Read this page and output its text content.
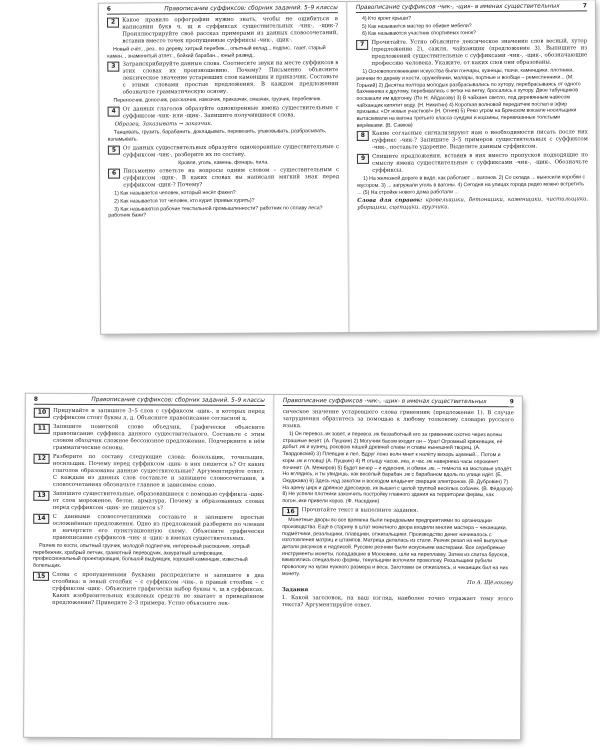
6	Правописание суффиксов: сборник заданий. 5–9 классы
2	Какое правило орфографии нужно знать, чтобы не ошибиться в написании букв ч, щ в суффиксах существительных -чик-, -щик-? Проиллюстрируйте своё рассказ примерами из данных словосочетаний, вставив вместо точек пропущенные суффиксы -чик-, -щик-.
Новый счёт.., рез.. по дереву, хитрый перебеж.., опытный вклад.., подпис.. газет, старый камен.., знаменитый атлет.., бойкий барабан.., юный развед..
3	Затранскрибируйте данные слова. Соотнесите звуки на месте суффиксов в этих словах их произношению. Почему? Письменно объясните лексическое значение устаревших слов каменщик и приказчик. Составьте с этими словами простые предложения. В каждом предложении обозначьте грамматическую основу.
Переносчик, доносчик, рассказчик, извозчик, приказчик, смазчик, грузчик, перебежчик.
4	От данных глаголов образуйте однокоренные имена существительные с суффиксом -чик- или -щик-. Запишите получившиеся слова.
Образец. Заказывать → заказчик.
Танцевать, грузить, барабанить, докладывать, перевозить, упаковывать, разбрасывать, взламывать.
5	От данных существительных образуйте однокоренные существительные с суффиксом -чик-, разберите их по составу.
Кровля, уголь, камень, фонарь, пила.
6	Письменно ответьте на вопросы одним словом – существительным с суффиксом -щик-. В каких словах вы написали мягкий знак перед суффиксом -щик-? Почему?
1) Как называется человек, который несёт факел?
2) Как называется тот человек, кто курит (привык курить)?
3) Как называются рабочие текстильной промышленности? работник по сплаву леса? работник бани?
Правописание суффиксов -чик-, -щик- в именах существительных	7
4) Кто кроет крыши?
5) Как называется мастер по обивке мебели?
6) Как называются участник спортивных гонок?
7	Прочитайте. Устно объясните лексическое значение слов весный, хутор (предложение 2), сажля, чайханщик (предложение 3). Выпишите из предложений существительные с суффиксами -чик-, -щик-, обозначающие профессию человека. Укажите, от каких слов они образованы.
1) Основоположниками искусства были гончары, кузнецы, ткачи, каменщики, плотники, резчики по дереву и кости, оружейники, маляры, портные и вообще – ремесленники... (М. Горький) 2) Десятка полтора молодых разбрасывались по хутору, перебрасываясь от одного бахчевника к другому, перебивались с ветки на ветку, бросались к хутору. Двое табунщиков поскакали им вдогонку. (По Н. Айдасову) 3) В чайхане светло, под деревянным навесом чайханщик кипятит воду. (Н. Никитин) 4) Короткая волновой передатчик послал в эфир призывы: «От новых участков!» (Н. Огнев) 5) Реко угром на Брянском вокзале носильщики вытаскивали на вагона третьего класса сундуки и корзины, перевязанные толстыми верёвками. (В. Савков)
8	Какие согласные сигнализируют нам о необходимости писать после них суффикс -чик-? Запишите 3–5 примеров существительных с суффиксом -чик-, поставьте ударение. Выделите данным суффиксом.
9	Спишите предложения, вставив в них вместо пропусков подходящие по смыслу имена существительные с суффиксами -чик-, -щик-. Обозначьте суффиксы.
1) На железной дороге в виде, как работают ... вагонов. 2) Со склада ... выносили коробки с мусором. 3) ... загружали уголь в вагоны. 4) Сегодня на улицах города редко можно встретить ... (5) На стройке нового дома работали ...
Слова для справок: кровельщики, бетонщики, каменщики, чистильщики, уборщики, сцепщики, грузчики.
8	Правописание суффиксов: сборник заданий. 5–9 классы
10	Придумайте и запишите 3–5 слов с суффиксом -щик-, в которых перед суффиксом стоят буквы л, д. Объясните правописание согласной ц.
11	Запишите пометкой слово объедчик. Графически объясните правописание суффикса данного существительного. Составьте с этим словом обходчик сложное бессоюзное предложение. Подчеркните в нём грамматические основы.
12	Разберите по составу следующие слова: болельщик, точильщик, носильщик. Почему перед суффиксом -щик- в них пишется ь? От каких глаголов образованы данные существительные? Аргументируйте ответ. С каждым из данных слов составьте и запишите словосочетания, в словосочетаниях обозначьте главное и зависимое слово.
13	Запишите существительные, образовавшиеся с помощью суффикса -щик- от слов мороженое, бетон, арматура. Почему в образованных словах перед суффиксом -щик- не пишется ь?
14	С данными словосочетаниями составьте и запишите простые осложнённые предложения. Одно из предложений разберите по членам и начертите его пунктуационную схему. Объясните графически правописание суффиксов -чик- и -щик- в именах существительных.
Разчик по кости, опытный грузчик, молодой подписчик, интересный рассказчик, хитрый перебежчик, храбрый летчик, грамотный переводчик, аккуратный шлифовщик, профессиональный проектировщик, большой выдумщик, хороший каменщик, известный болельщик.
15	Слова с пропущенными буквами распределите и запишите в два столбика: в левый столбик – с суффиксом -чик-, в правый столбик – с суффиксом -щик-. Объясните графически выбор буквы ч, щ в суффиксах. Каких изобразительных языковых средств не хватает в приведённом предложении? Приведите 2–3 примера. Устно объясните лек-
Правописание суффиксов -чик-, -щик- в именах существительных	9
сическое значение устаревшего слова гривенник (предложение 1). В случае затруднения обратитесь за помощью к любому толковому словарю русского языка.
1) Он перевоз..ик зовёт, и перевоз..ик беззаботный его за гривенник охотно через волны страшные везёт. (А. Пушкин) 2) Могучим басом входит он – Ураг! Огромный кряжевщик, её добыт..ик и кузнец, роковою нашей древней славы и славы нынешней творец. (А. Твардовский) 3) Плевщик и пел. Вдруг лоно волн мнет к налёту вихорь шумный... Потом и корм..ик и гловщ! (А. Пушкин) 4) Я отыщу часов..ика, и час..ик навернека часы опрокинет починит. (А. Межиров) 5) Будет вечер – и кудесник, и обман..ик, – темнота на мостовые упадёт. Но вглядись, и ты увидишь, как весёлый барабан..ик с барабаном вдоль по улице идёт. (Б. Окуджава) 6) Здесь над закатом и восходом владычит сварщик электроном. (В. Дубровин) 7) На арену цирк и дрянное дрессиров..ик вышел с целой труппой весёлых собачек. (В. Фёдоров) 8) Не успели плотники закончить постройку главного здания на территории фермы, как погон..ики привели коров. (Ф. Наседкин)
16	Прочитайте текст и выполните задания.
Монетные дворы во все времена были передовыми предприятиями по организации производства. Ещё в старину в штат монетного двора входили многие мастера – чеканщики, подмётчики, резальщики, плавщики, отжигальщики. Производство денег начиналось с изготовления матриц и штампов. Матрица делалась из стали. Резчик резал на ней выпуклые детали рисунков и надписей. Русские резчики были искусными мастерами. Все серебряные инструменты монеты, попадавшие в Московию, шли на переплавку. Затем из слитка брусков, вживлялись специально формы, тянульщики волочили проволоку. Резальщики рубили проволоку на куски нужного размера и веса. Заготовки он отжигались, и чеканщик бил на них монету.
По А. Щёлокову
Задания
1. Какой заголовок, на ваш взгляд, наиболее точно отражает тему этого текста? Аргументируйте ответ.
